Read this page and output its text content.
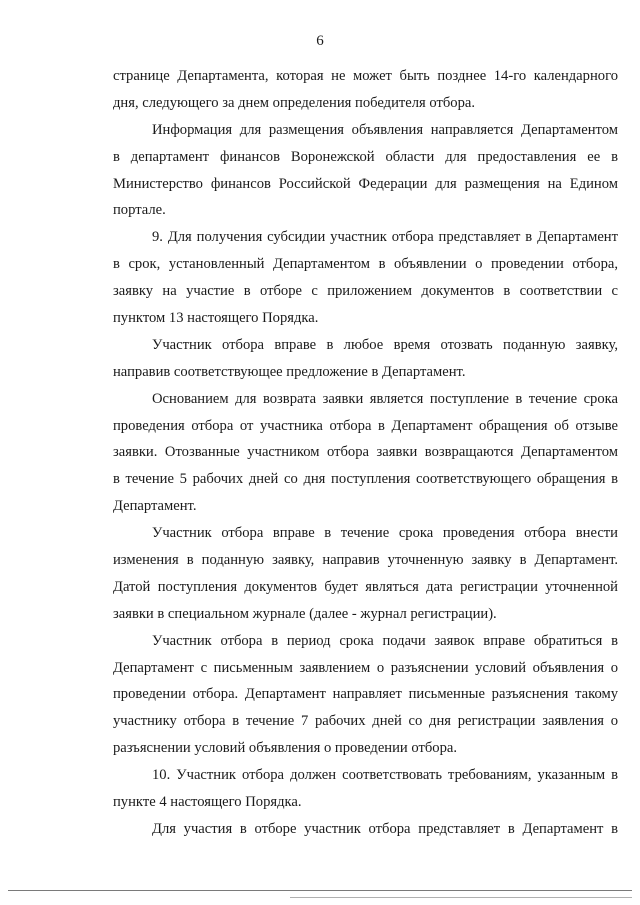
6
странице Департамента, которая не может быть позднее 14-го календарного
дня, следующего за днем определения победителя отбора.
Информация для размещения объявления направляется Департаментом
в департамент финансов Воронежской области для предоставления ее в
Министерство финансов Российской Федерации для размещения на Едином
портале.
9. Для получения субсидии участник отбора представляет в Департамент
в срок, установленный Департаментом в объявлении о проведении отбора,
заявку на участие в отборе с приложением документов в соответствии с
пунктом 13 настоящего Порядка.
Участник отбора вправе в любое время отозвать поданную заявку,
направив соответствующее предложение в Департамент.
Основанием для возврата заявки является поступление в течение срока
проведения отбора от участника отбора в Департамент обращения об отзыве
заявки. Отозванные участником отбора заявки возвращаются Департаментом
в течение 5 рабочих дней со дня поступления соответствующего обращения в
Департамент.
Участник отбора вправе в течение срока проведения отбора внести
изменения в поданную заявку, направив уточненную заявку в Департамент.
Датой поступления документов будет являться дата регистрации уточненной
заявки в специальном журнале (далее - журнал регистрации).
Участник отбора в период срока подачи заявок вправе обратиться в
Департамент с письменным заявлением о разъяснении условий объявления о
проведении отбора. Департамент направляет письменные разъяснения такому
участнику отбора в течение 7 рабочих дней со дня регистрации заявления о
разъяснении условий объявления о проведении отбора.
10. Участник отбора должен соответствовать требованиям, указанным в
пункте 4 настоящего Порядка.
Для участия в отборе участник отбора представляет в Департамент в
